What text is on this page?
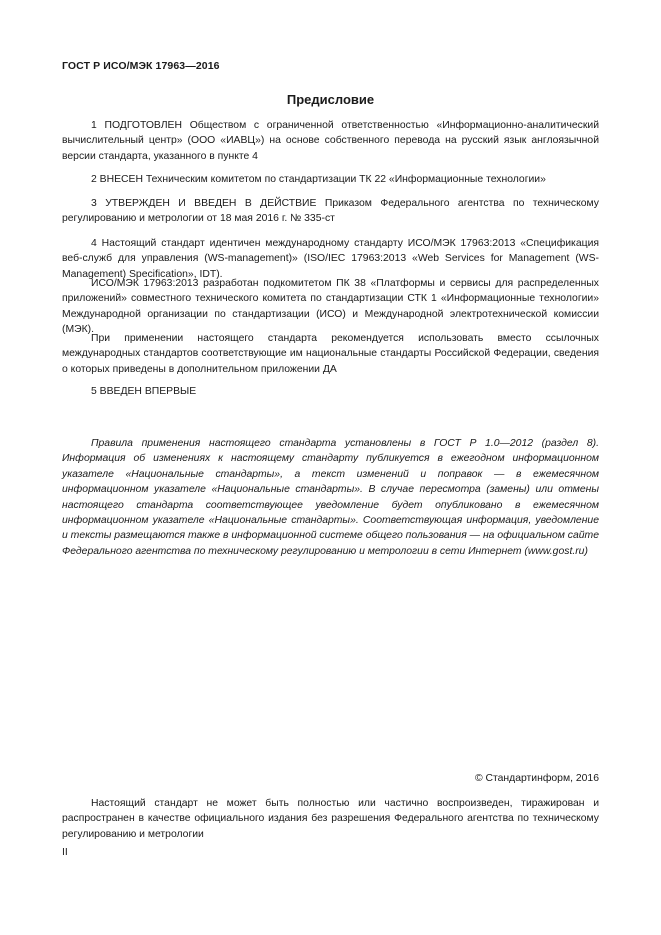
ГОСТ Р ИСО/МЭК 17963—2016
Предисловие

1 ПОДГОТОВЛЕН Обществом с ограниченной ответственностью «Информационно-аналитический вычислительный центр» (ООО «ИАВЦ») на основе собственного перевода на русский язык англоязычной версии стандарта, указанного в пункте 4

2 ВНЕСЕН Техническим комитетом по стандартизации ТК 22 «Информационные технологии»

3 УТВЕРЖДЕН И ВВЕДЕН В ДЕЙСТВИЕ Приказом Федерального агентства по техническому регулированию и метрологии от 18 мая 2016 г. № 335-ст

4 Настоящий стандарт идентичен международному стандарту ИСО/МЭК 17963:2013 «Спецификация веб-служб для управления (WS-management)» (ISO/IEC 17963:2013 «Web Services for Management (WS-Management) Specification», IDT).

ИСО/МЭК 17963:2013 разработан подкомитетом ПК 38 «Платформы и сервисы для распределенных приложений» совместного технического комитета по стандартизации СТК 1 «Информационные технологии» Международной организации по стандартизации (ИСО) и Международной электротехнической комиссии (МЭК).

При применении настоящего стандарта рекомендуется использовать вместо ссылочных международных стандартов соответствующие им национальные стандарты Российской Федерации, сведения о которых приведены в дополнительном приложении ДА

5 ВВЕДЕН ВПЕРВЫЕ

Правила применения настоящего стандарта установлены в ГОСТ Р 1.0—2012 (раздел 8). Информация об изменениях к настоящему стандарту публикуется в ежегодном информационном указателе «Национальные стандарты», а текст изменений и поправок — в ежемесячном информационном указателе «Национальные стандарты». В случае пересмотра (замены) или отмены настоящего стандарта соответствующее уведомление будет опубликовано в ежемесячном информационном указателе «Национальные стандарты». Соответствующая информация, уведомление и тексты размещаются также в информационной системе общего пользования — на официальном сайте Федерального агентства по техническому регулированию и метрологии в сети Интернет (www.gost.ru)

© Стандартинформ, 2016

Настоящий стандарт не может быть полностью или частично воспроизведен, тиражирован и распространен в качестве официального издания без разрешения Федерального агентства по техническому регулированию и метрологии

II
